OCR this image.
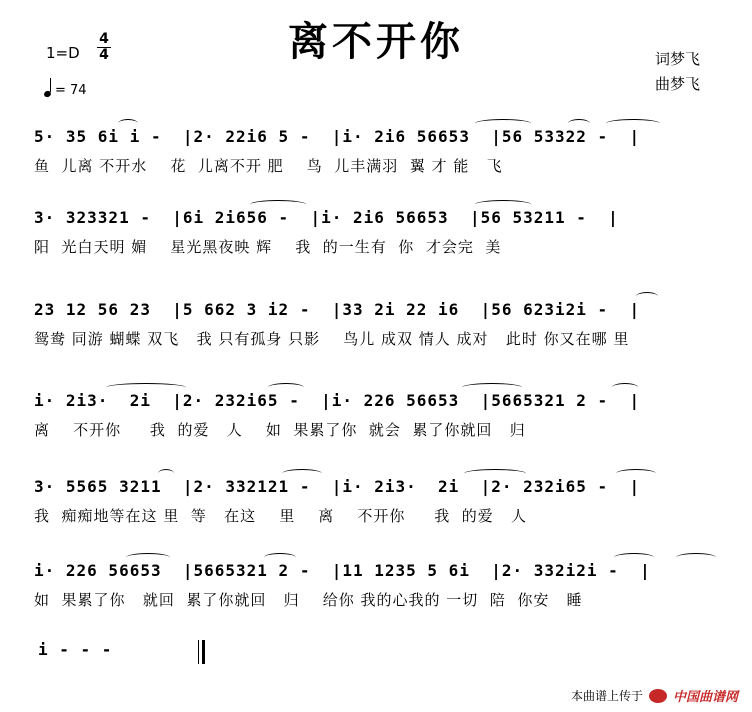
离不开你
1=D
4
4
= 74
词梦飞
曲梦飞
5· 35 6i i -  |2· 22i6 5 -  |i· 2i6 56653  |56 53322 -  |
鱼  儿离 不开水    花  儿离不开 肥    鸟  儿丰满羽  翼 才 能   飞
3· 323321 -  |6i 2i656 -  |i· 2i6 56653  |56 53211 -  |
阳  光白天明 媚    星光黑夜映 辉    我  的一生有  你  才会完  美
23 12 56 23  |5 662 3 i2 -  |33 2i 22 i6  |56 623i2i -  |
鸳鸯 同游 蝴蝶 双飞   我 只有孤身 只影    鸟儿 成双 情人 成对   此时 你又在哪 里
i· 2i3·  2i  |2· 232i65 -  |i· 226 56653  |5665321 2 -  |
离    不开你     我  的爱   人    如  果累了你  就会  累了你就回   归
3· 5565 3211  |2· 332121 -  |i· 2i3·  2i  |2· 232i65 -  |
我  痴痴地等在这 里  等   在这    里    离    不开你     我  的爱   人
i· 226 56653  |5665321 2 -  |11 1235 5 6i  |2· 332i2i -  |
如  果累了你   就回  累了你就回   归    给你 我的心我的 一切  陪  你安   睡
i - - -
本曲谱上传于 中国曲谱网
